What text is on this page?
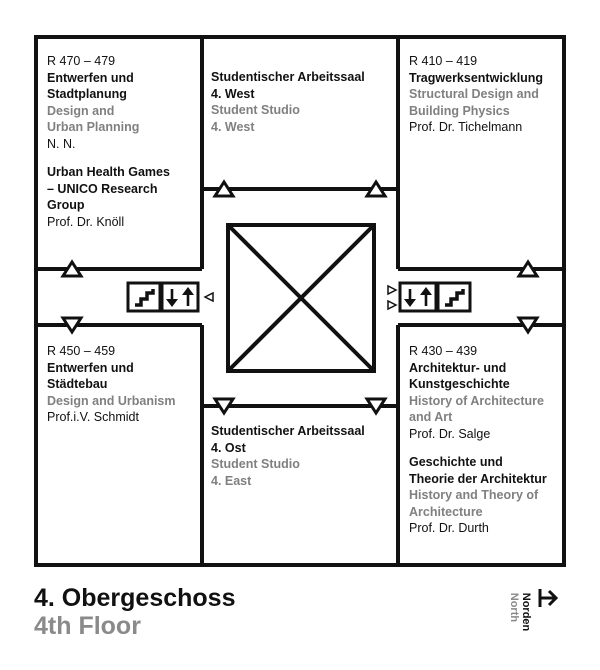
R 470 – 479
Entwerfen und
Stadtplanung
Design and
Urban Planning
N. N.
Urban Health Games
– UNICO Research
Group
Prof. Dr. Knöll
Studentischer Arbeitssaal
4. West
Student Studio
4. West
R 410 – 419
Tragwerksentwicklung
Structural Design and
Building Physics
Prof. Dr. Tichelmann
R 450 – 459
Entwerfen und
Städtebau
Design and Urbanism
Prof.i.V. Schmidt
Studentischer Arbeitssaal
4. Ost
Student Studio
4. East
R 430 – 439
Architektur- und
Kunstgeschichte
History of Architecture
and Art
Prof. Dr. Salge
Geschichte und
Theorie der Architektur
History and Theory of
Architecture
Prof. Dr. Durth
4. Obergeschoss
4th Floor	Norden
North
